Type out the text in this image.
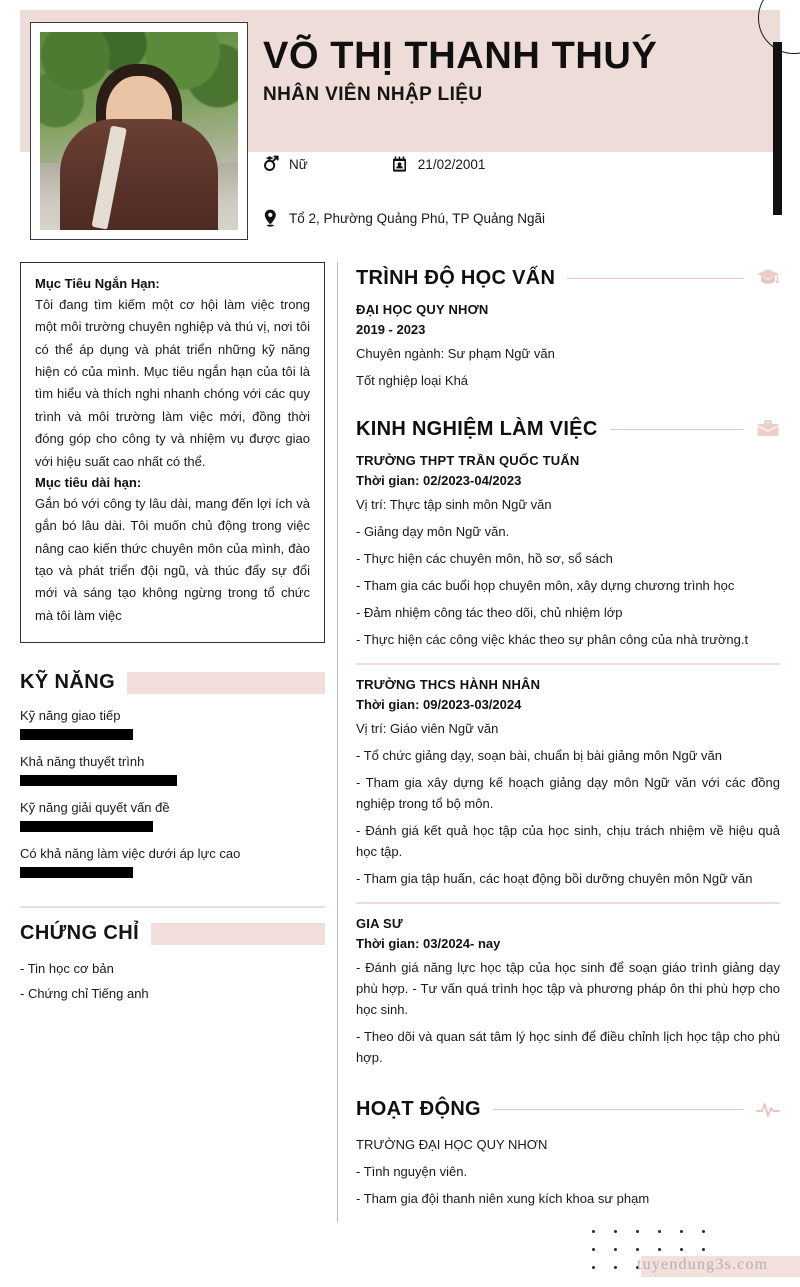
VÕ THỊ THANH THUÝ
NHÂN VIÊN NHẬP LIỆU
Nữ	21/02/2001
Tổ 2, Phường Quảng Phú, TP Quảng Ngãi
Mục Tiêu Ngắn Hạn:
Tôi đang tìm kiếm một cơ hội làm việc trong một môi trường chuyên nghiệp và thú vị, nơi tôi có thể áp dụng và phát triển những kỹ năng hiện có của mình. Mục tiêu ngắn hạn của tôi là tìm hiểu và thích nghi nhanh chóng với các quy trình và môi trường làm việc mới, đồng thời đóng góp cho công ty và nhiệm vụ được giao với hiệu suất cao nhất có thể.
Mục tiêu dài hạn:
Gắn bó với công ty lâu dài, mang đến lợi ích và gắn bó lâu dài. Tôi muốn chủ động trong việc nâng cao kiến thức chuyên môn của mình, đào tạo và phát triển đội ngũ, và thúc đẩy sự đổi mới và sáng tạo không ngừng trong tổ chức mà tôi làm việc
KỸ NĂNG
Kỹ năng giao tiếp
Khả năng thuyết trình
Kỹ năng giải quyết vấn đề
Có khả năng làm việc dưới áp lực cao
CHỨNG CHỈ
- Tin học cơ bản
- Chứng chỉ Tiếng anh
TRÌNH ĐỘ HỌC VẤN
ĐẠI HỌC QUY NHƠN
2019 - 2023
Chuyên ngành: Sư phạm Ngữ văn
Tốt nghiệp loại Khá
KINH NGHIỆM LÀM VIỆC
TRƯỜNG THPT TRẦN QUỐC TUẤN
Thời gian: 02/2023-04/2023
Vị trí: Thực tập sinh môn Ngữ văn
- Giảng dạy môn Ngữ văn.
- Thực hiện các chuyên môn, hồ sơ, sổ sách
- Tham gia các buổi họp chuyên môn, xây dựng chương trình học
- Đảm nhiệm công tác theo dõi, chủ nhiệm lớp
- Thực hiện các công việc khác theo sự phân công của nhà trường.t
TRƯỜNG THCS HÀNH NHÂN
Thời gian: 09/2023-03/2024
Vị trí: Giáo viên Ngữ văn
- Tổ chức giảng dạy, soạn bài, chuẩn bị bài giảng môn Ngữ văn
- Tham gia xây dựng kế hoạch giảng dạy môn Ngữ văn với các đồng nghiệp trong tổ bộ môn.
- Đánh giá kết quả học tập của học sinh, chịu trách nhiệm về hiệu quả học tập.
- Tham gia tập huấn, các hoạt động bồi dưỡng chuyên môn Ngữ văn
GIA SƯ
Thời gian: 03/2024- nay
- Đánh giá năng lực học tập của học sinh để soạn giáo trình giảng dạy phù hợp. - Tư vấn quá trình học tập và phương pháp ôn thi phù hợp cho học sinh.
- Theo dõi và quan sát tâm lý học sinh để điều chỉnh lịch học tập cho phù hợp.
HOẠT ĐỘNG
TRƯỜNG ĐẠI HỌC QUY NHƠN
- Tình nguyện viên.
- Tham gia đội thanh niên xung kích khoa sư phạm
tuyendung3s.com
